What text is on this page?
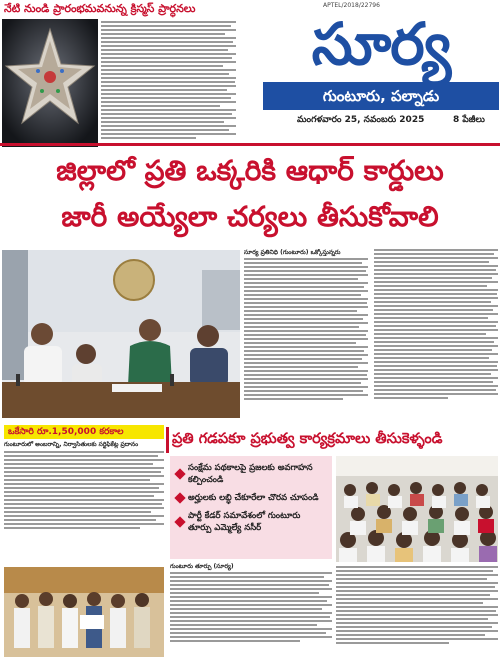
నేటి నుండి ప్రారంభమవనున్న క్రిస్మస్ ప్రార్ధనలు	APTEL/2018/22796
సూర్య
గుంటూరు, పల్నాడు
మంగళవారం 25, నవంబరు 2025	8 పేజీలు
జిల్లాలో ప్రతి ఒక్కరికి ఆధార్ కార్డులు
జారీ అయ్యేలా చర్యలు తీసుకోవాలి
సూర్య ప్రతినిధి (గుంటూరు) ఒక్కోస్తున్నరు
ఒకేసారి రూ.1,50,000 కరకాల
గుంటూరులో అంబరాన్ని, నిర్వాసితులకు సర్టిఫికేట్ల ప్రదానం	ప్రతి గడపకూ ప్రభుత్వ కార్యక్రమాలు తీసుకెళ్ళండి
సంక్షేమ పథకాలపై ప్రజలకు అవగాహన కల్పించండి
అర్హులకు లబ్ధి చేకూరేలా చొరవ చూపండి
పార్టీ కేడర్ సమావేశంలో గుంటూరు తూర్పు ఎమ్మెల్యే నసీర్
గుంటూరు తూర్పు (సూర్య)
